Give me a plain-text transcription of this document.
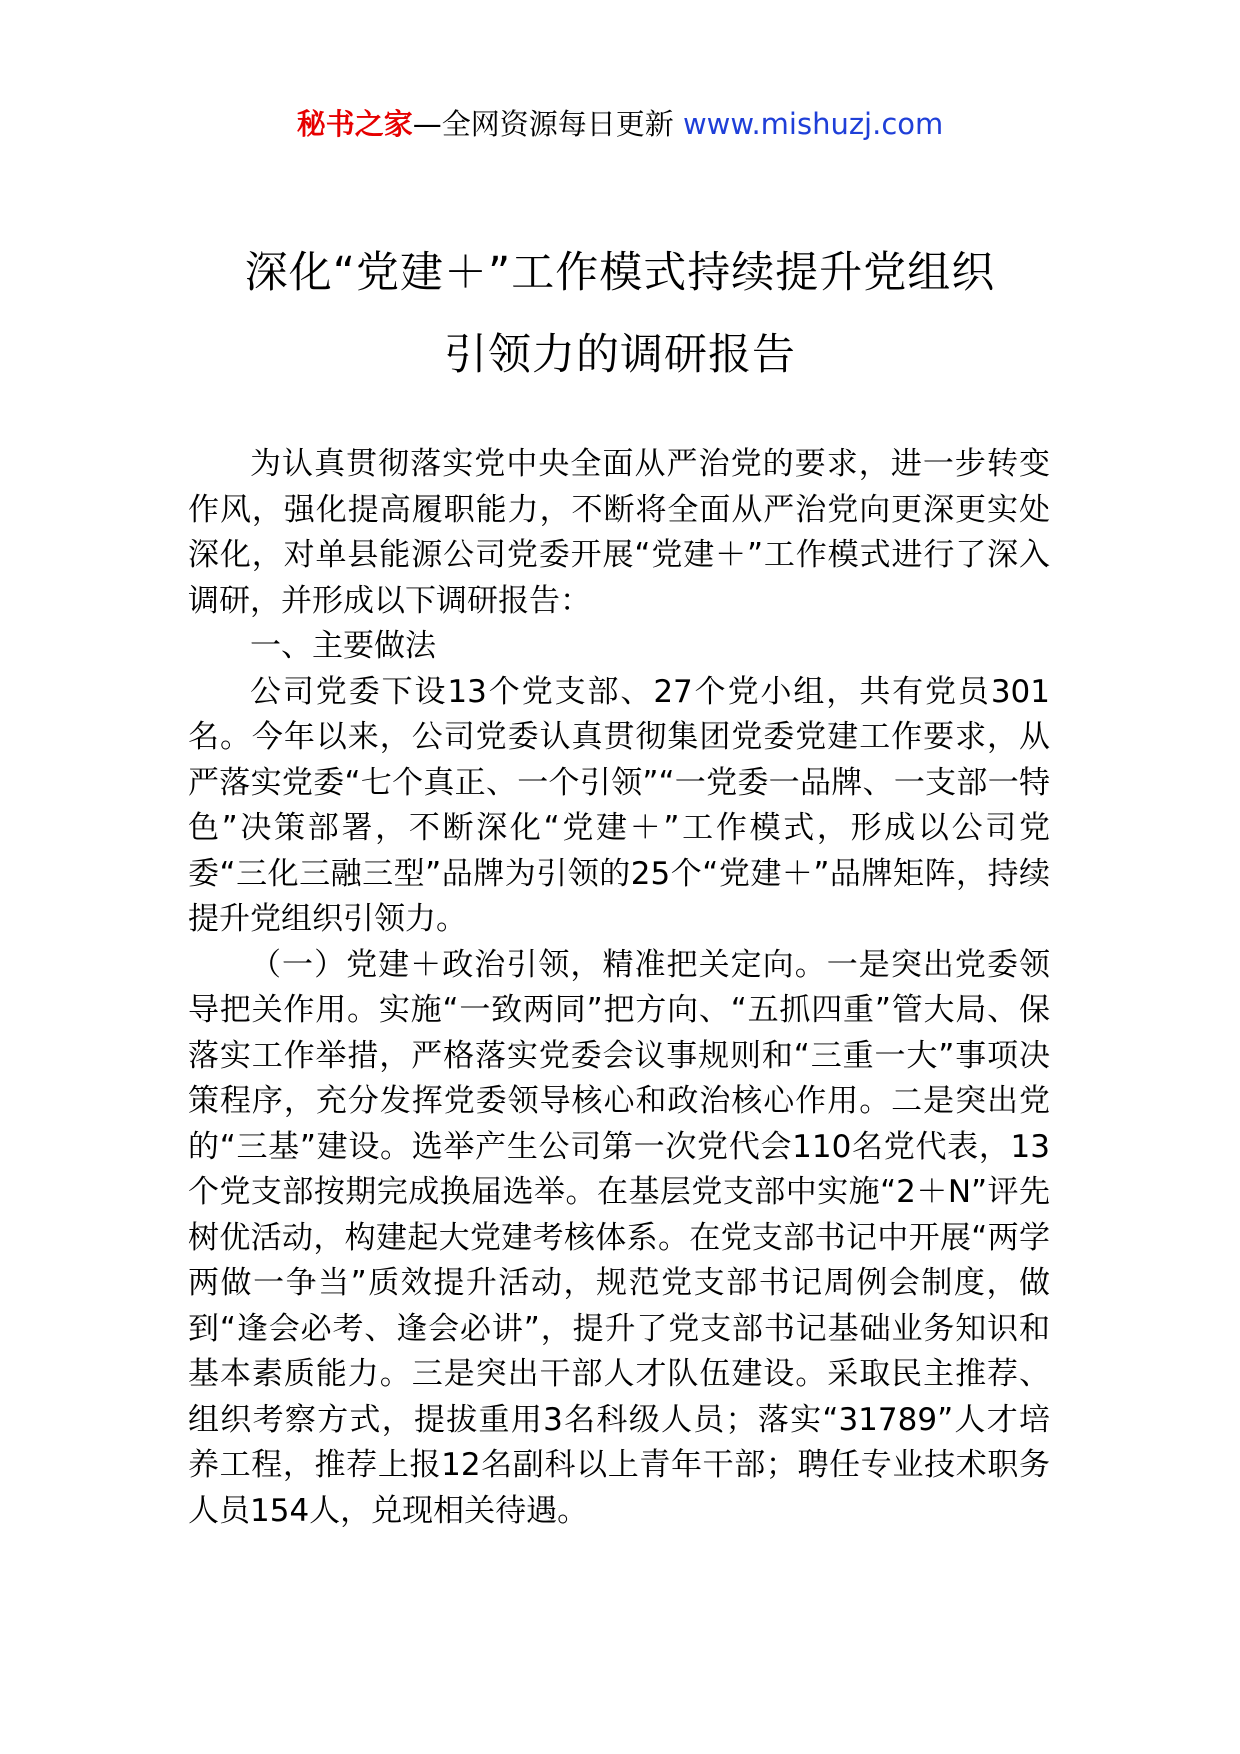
秘书之家—全网资源每日更新 www.mishuzj.com
深化“党建＋”工作模式持续提升党组织
引领力的调研报告

为认真贯彻落实党中央全面从严治党的要求，进一步转变作风，强化提高履职能力，不断将全面从严治党向更深更实处深化，对单县能源公司党委开展“党建＋”工作模式进行了深入调研，并形成以下调研报告：

一、主要做法

公司党委下设13个党支部、27个党小组，共有党员301名。今年以来，公司党委认真贯彻集团党委党建工作要求，从严落实党委“七个真正、一个引领”“一党委一品牌、一支部一特色”决策部署，不断深化“党建＋”工作模式，形成以公司党委“三化三融三型”品牌为引领的25个“党建＋”品牌矩阵，持续提升党组织引领力。

（一）党建＋政治引领，精准把关定向。一是突出党委领导把关作用。实施“一致两同”把方向、“五抓四重”管大局、保落实工作举措，严格落实党委会议事规则和“三重一大”事项决策程序，充分发挥党委领导核心和政治核心作用。二是突出党的“三基”建设。选举产生公司第一次党代会110名党代表，13个党支部按期完成换届选举。在基层党支部中实施“2＋N”评先树优活动，构建起大党建考核体系。在党支部书记中开展“两学两做一争当”质效提升活动，规范党支部书记周例会制度，做到“逢会必考、逢会必讲”，提升了党支部书记基础业务知识和基本素质能力。三是突出干部人才队伍建设。采取民主推荐、组织考察方式，提拔重用3名科级人员；落实“31789”人才培养工程，推荐上报12名副科以上青年干部；聘任专业技术职务人员154人，兑现相关待遇。
